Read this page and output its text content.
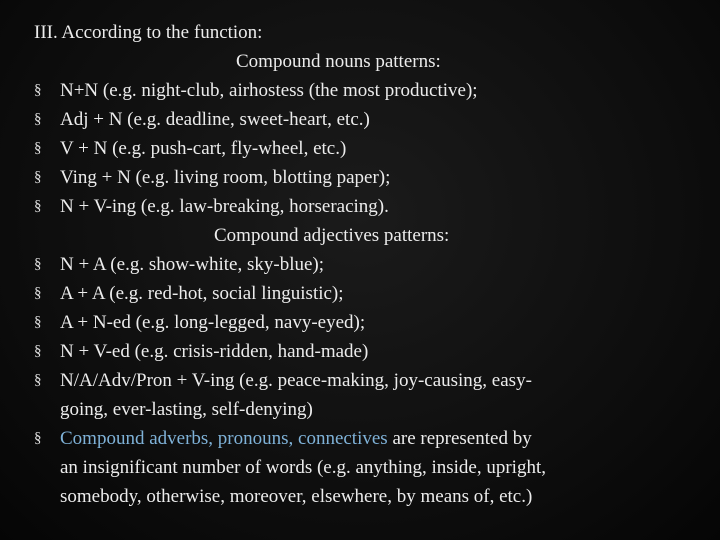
III. According to the function:
Compound nouns patterns:
§ N+N (e.g. night-club, airhostess (the most productive);
§ Adj + N (e.g. deadline, sweet-heart, etc.)
§ V + N (e.g. push-cart, fly-wheel, etc.)
§ Ving + N (e.g. living room, blotting paper);
§ N + V-ing (e.g. law-breaking, horseracing).
Compound adjectives patterns:
§ N + A (e.g. show-white, sky-blue);
§ A + A (e.g. red-hot, social linguistic);
§ A + N-ed (e.g. long-legged, navy-eyed);
§ N + V-ed (e.g. crisis-ridden, hand-made)
§ N/A/Adv/Pron + V-ing (e.g. peace-making, joy-causing, easy-
going, ever-lasting, self-denying)
§ Compound adverbs, pronouns, connectives are represented by
an insignificant number of words (e.g. anything, inside, upright,
somebody, otherwise, moreover, elsewhere, by means of, etc.)
